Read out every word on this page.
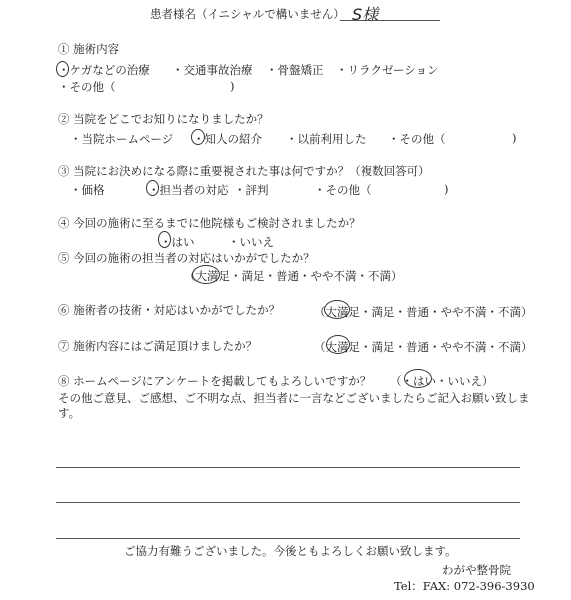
患者様名（イニシャルで構いません） S様
① 施術内容
・ケガなどの治療 ・交通事故治療 ・骨盤矯正 ・リラクゼーション
・その他（	)
② 当院をどこでお知りになりましたか？
・当院ホームページ ・知人の紹介 ・以前利用した ・その他（	)
③ 当院にお決めになる際に重要視された事は何ですか？（複数回答可）
・価格	・担当者の対応 ・評判	・その他（	)
④ 今回の施術に至るまでに他院様もご検討されましたか？
・はい	・いいえ
⑤ 今回の施術の担当者の対応はいかがでしたか？
（大満足・満足・普通・やや不満・不満）
⑥ 施術者の技術・対応はいかがでしたか？	（大満足・満足・普通・やや不満・不満）
⑦ 施術内容にはご満足頂けましたか？	（大満足・満足・普通・やや不満・不満）
⑧ ホームページにアンケートを掲載してもよろしいですか？ （・はい・いいえ）
その他ご意見、ご感想、ご不明な点、担当者に一言などございましたらご記入お願い致しま
す。
ご協力有難うございました。今後ともよろしくお願い致します。
わがや整骨院
Tel：FAX: 072-396-3930
